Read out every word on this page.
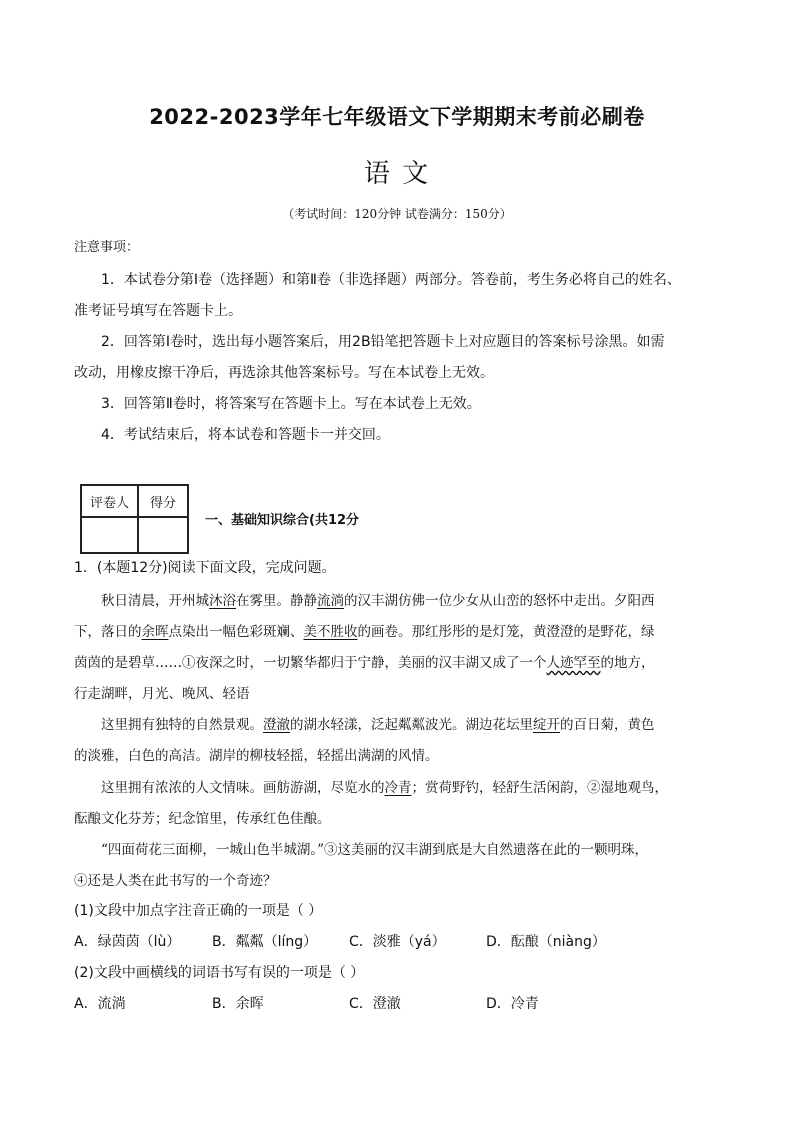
2022-2023学年七年级语文下学期期末考前必刷卷
语 文
（考试时间：120分钟 试卷满分：150分）
注意事项：
1．本试卷分第Ⅰ卷（选择题）和第Ⅱ卷（非选择题）两部分。答卷前，考生务必将自己的姓名、
准考证号填写在答题卡上。
2．回答第Ⅰ卷时，选出每小题答案后，用2B铅笔把答题卡上对应题目的答案标号涂黑。如需
改动，用橡皮擦干净后，再选涂其他答案标号。写在本试卷上无效。
3．回答第Ⅱ卷时，将答案写在答题卡上。写在本试卷上无效。
4．考试结束后，将本试卷和答题卡一并交回。
评卷人	得分

一、基础知识综合(共12分
1．(本题12分)阅读下面文段，完成问题。
秋日清晨，开州城沐浴在雾里。静静流淌的汉丰湖仿佛一位少女从山峦的怒怀中走出。夕阳西
下，落日的余晖点染出一幅色彩斑斓、美不胜收的画卷。那红彤彤的是灯笼，黄澄澄的是野花，绿
茵茵的是碧草……①夜深之时，一切繁华都归于宁静，美丽的汉丰湖又成了一个人迹罕至的地方，
行走湖畔，月光、晚风、轻语
这里拥有独特的自然景观。澄澈的湖水轻漾，泛起粼粼波光。湖边花坛里绽开的百日菊，黄色
的淡雅，白色的高洁。湖岸的柳枝轻摇，轻摇出满湖的风情。
这里拥有浓浓的人文情味。画舫游湖，尽览水的冷青；赏荷野钓，轻舒生活闲韵，②湿地观鸟，
酝酿文化芬芳；纪念馆里，传承红色佳酿。
“四面荷花三面柳，一城山色半城湖。”③这美丽的汉丰湖到底是大自然遗落在此的一颗明珠，
④还是人类在此书写的一个奇迹？
(1)文段中加点字注音正确的一项是（ ）
A．绿茵茵（lù） B．粼粼（líng） C．淡雅（yá）	D．酝酿（niàng）
(2)文段中画横线的词语书写有误的一项是（ ）
A．流淌	B．余晖	C．澄澈	D．冷青
